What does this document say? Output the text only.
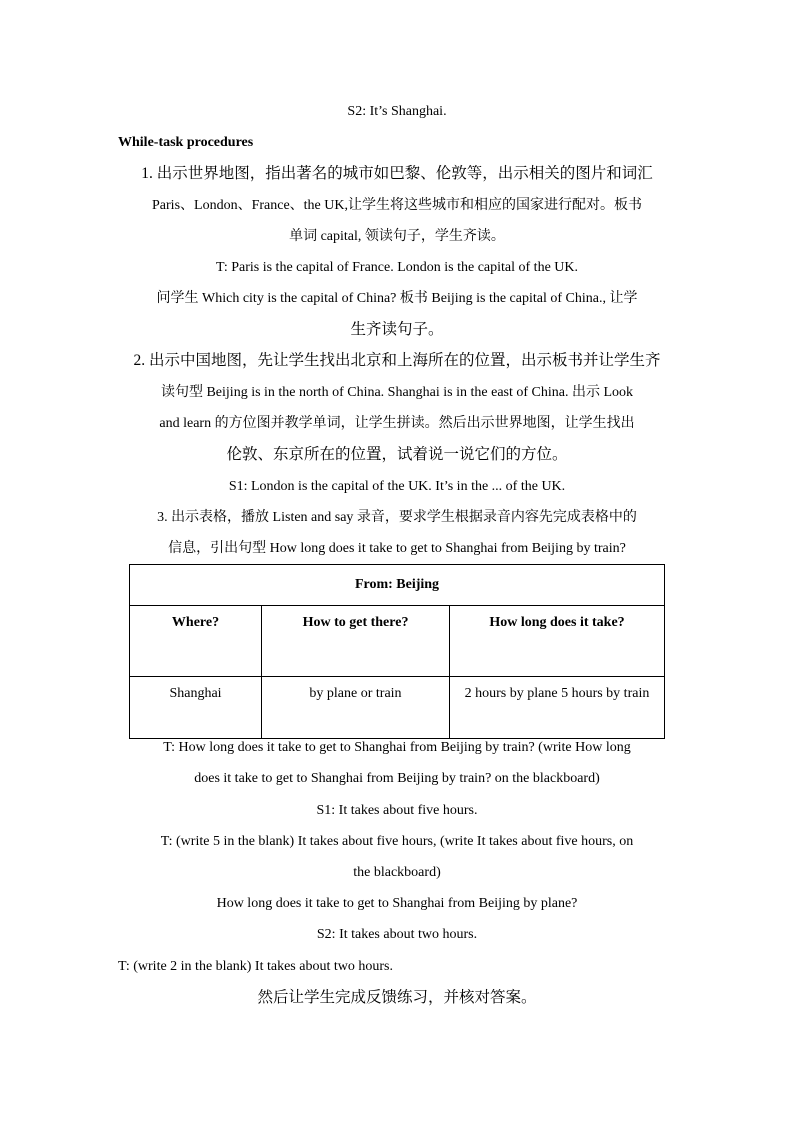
S2: It’s Shanghai.
While-task procedures
1. 出示世界地图，指出著名的城市如巴黎、伦敦等，出示相关的图片和词汇
Paris、London、France、the UK,让学生将这些城市和相应的国家进行配对。板书
单词 capital, 领读句子，学生齐读。
T: Paris is the capital of France. London is the capital of the UK.
问学生 Which city is the capital of China? 板书 Beijing is the capital of China., 让学
生齐读句子。
2. 出示中国地图，先让学生找出北京和上海所在的位置，出示板书并让学生齐
读句型 Beijing is in the north of China. Shanghai is in the east of China. 出示 Look
and learn 的方位图并教学单词，让学生拼读。然后出示世界地图，让学生找出
伦敦、东京所在的位置，试着说一说它们的方位。
S1: London is the capital of the UK. It’s in the ... of the UK.
3. 出示表格，播放 Listen and say 录音，要求学生根据录音内容先完成表格中的
信息，引出句型 How long does it take to get to Shanghai from Beijing by train?
From: Beijing		
Where?	How to get there?	How long does it take?
Shanghai	by plane or train	2 hours by plane 5 hours by train
T: How long does it take to get to Shanghai from Beijing by train? (write How long
does it take to get to Shanghai from Beijing by train? on the blackboard)
S1: It takes about five hours.
T: (write 5 in the blank) It takes about five hours, (write It takes about five hours, on
the blackboard)
How long does it take to get to Shanghai from Beijing by plane?
S2: It takes about two hours.
T: (write 2 in the blank) It takes about two hours.
然后让学生完成反馈练习，并核对答案。
